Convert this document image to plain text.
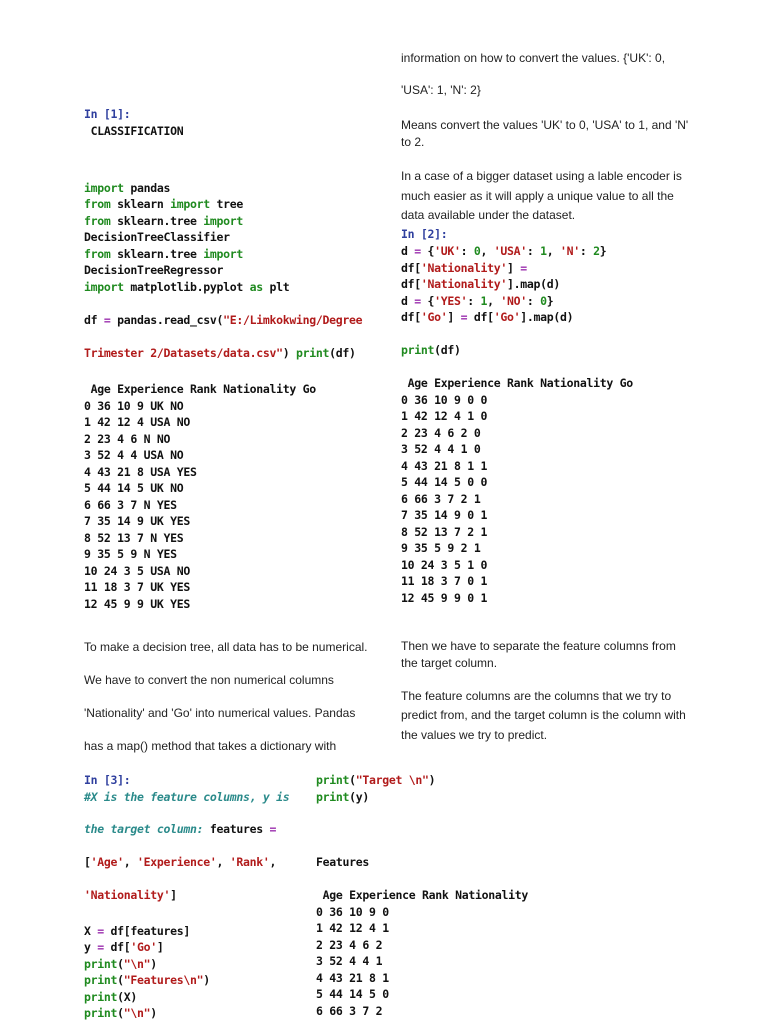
In [1]:

CLASSIFICATION

import pandas

from sklearn import tree

from sklearn.tree import

DecisionTreeClassifier

from sklearn.tree import

DecisionTreeRegressor

import matplotlib.pyplot as plt

df = pandas.read_csv("E:/Limkokwing/Degree

Trimester 2/Datasets/data.csv") print(df)

Age Experience Rank Nationality Go
0 36 10 9 UK NO
1 42 12 4 USA NO
2 23 4 6 N NO
3 52 4 4 USA NO
4 43 21 8 USA YES
5 44 14 5 UK NO
6 66 3 7 N YES
7 35 14 9 UK YES
8 52 13 7 N YES
9 35 5 9 N YES
10 24 3 5 USA NO
11 18 3 7 UK YES
12 45 9 9 UK YES

To make a decision tree, all data has to be numerical.

We have to convert the non numerical columns

'Nationality' and 'Go' into numerical values. Pandas

has a map() method that takes a dictionary with

information on how to convert the values. {'UK': 0,

'USA': 1, 'N': 2}

Means convert the values 'UK' to 0, 'USA' to 1, and 'N'

to 2.

In a case of a bigger dataset using a lable encoder is

much easier as it will apply a unique value to all the

data available under the dataset.

In [2]:

d = {'UK': 0, 'USA': 1, 'N': 2}

df['Nationality'] =

df['Nationality'].map(d)

d = {'YES': 1, 'NO': 0}

df['Go'] = df['Go'].map(d)

print(df)

Age Experience Rank Nationality Go
0 36 10 9 0 0
1 42 12 4 1 0
2 23 4 6 2 0
3 52 4 4 1 0
4 43 21 8 1 1
5 44 14 5 0 0
6 66 3 7 2 1
7 35 14 9 0 1
8 52 13 7 2 1
9 35 5 9 2 1
10 24 3 5 1 0
11 18 3 7 0 1
12 45 9 9 0 1

Then we have to separate the feature columns from

the target column.

The feature columns are the columns that we try to

predict from, and the target column is the column with

the values we try to predict.

In [3]:

#X is the feature columns, y is

the target column: features =

['Age', 'Experience', 'Rank',

'Nationality']

X = df[features]

y = df['Go']

print("\n")

print("Features\n")

print(X)

print("\n")

print("Target \n")

print(y)

Features

Age Experience Rank Nationality
0 36 10 9 0
1 42 12 4 1
2 23 4 6 2
3 52 4 4 1
4 43 21 8 1
5 44 14 5 0
6 66 3 7 2
